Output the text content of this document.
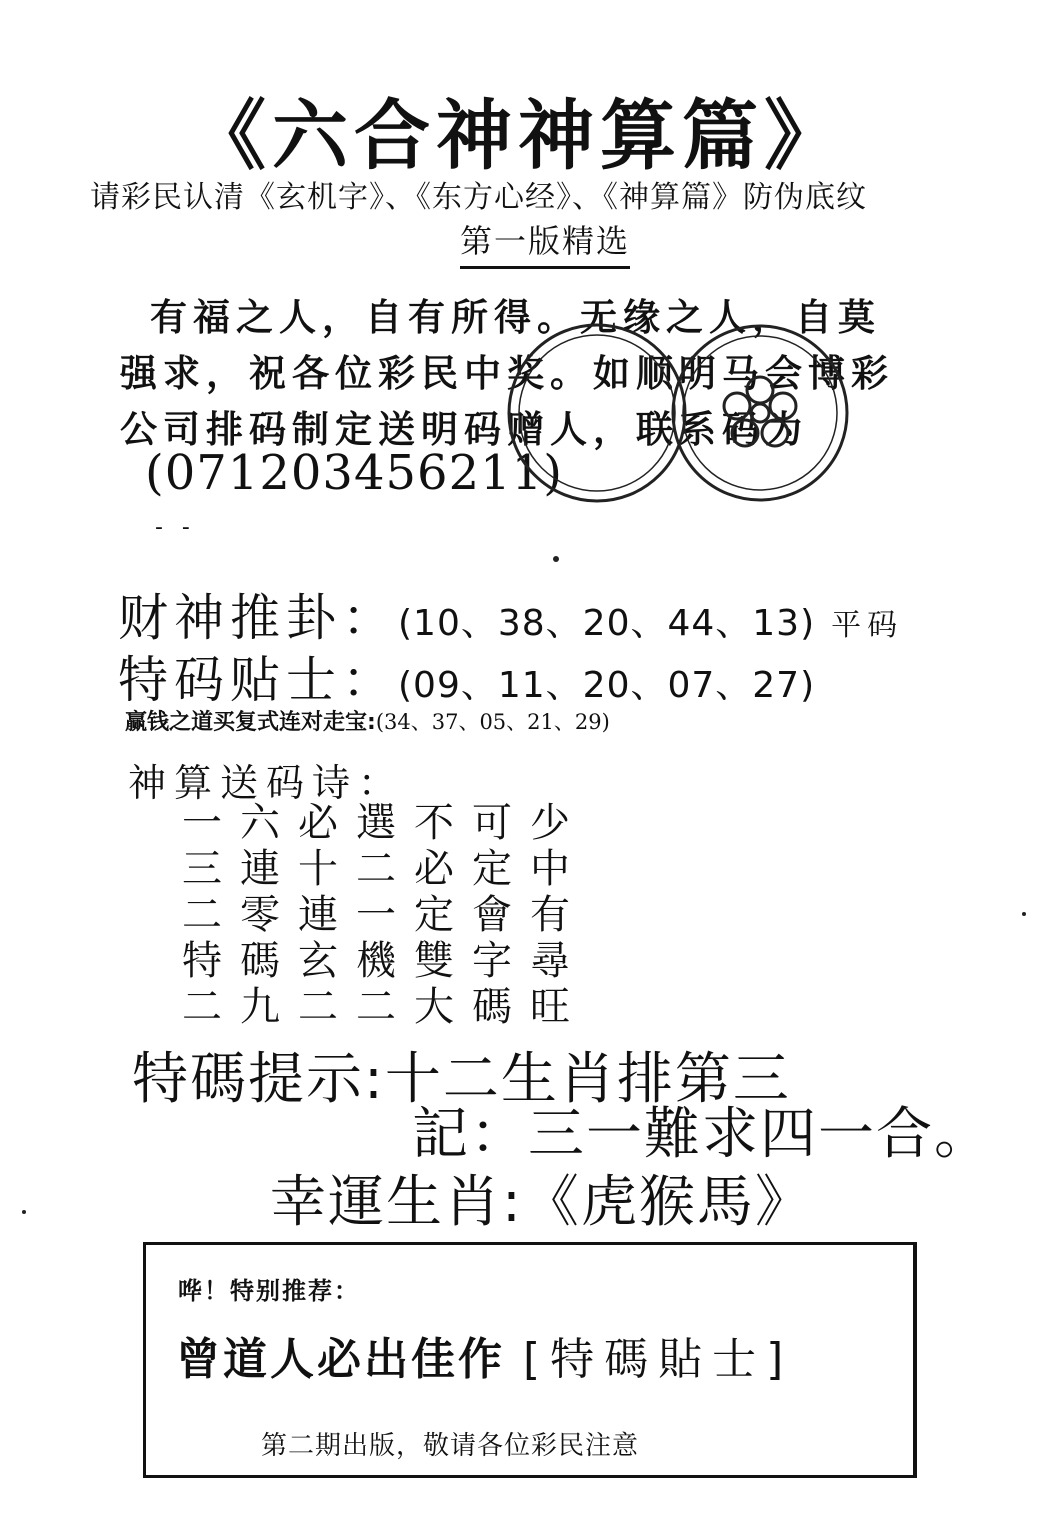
《六合神神算篇》
请彩民认清《玄机字》、《东方心经》、《神算篇》防伪底纹
第一版精选
有福之人，自有所得。无缘之人，自莫
强求，祝各位彩民中奖。如顺明马会博彩
公司排码制定送明码赠人，联系码为
(071203456211)
- -
财神推卦：(10、38、20、44、13) 平码
特码贴士：(09、11、20、07、27)
赢钱之道买复式连对走宝:(34、37、05、21、29)
神算送码诗：
一六必選不可少
三連十二必定中
二零連一定會有
特碼玄機雙字尋
二九二二大碼旺
特碼提示:十二生肖排第三
記：三一難求四一合。
幸運生肖:《虎猴馬》
哗！特别推荐：
曾道人必出佳作 [特碼貼士]
第二期出版，敬请各位彩民注意
